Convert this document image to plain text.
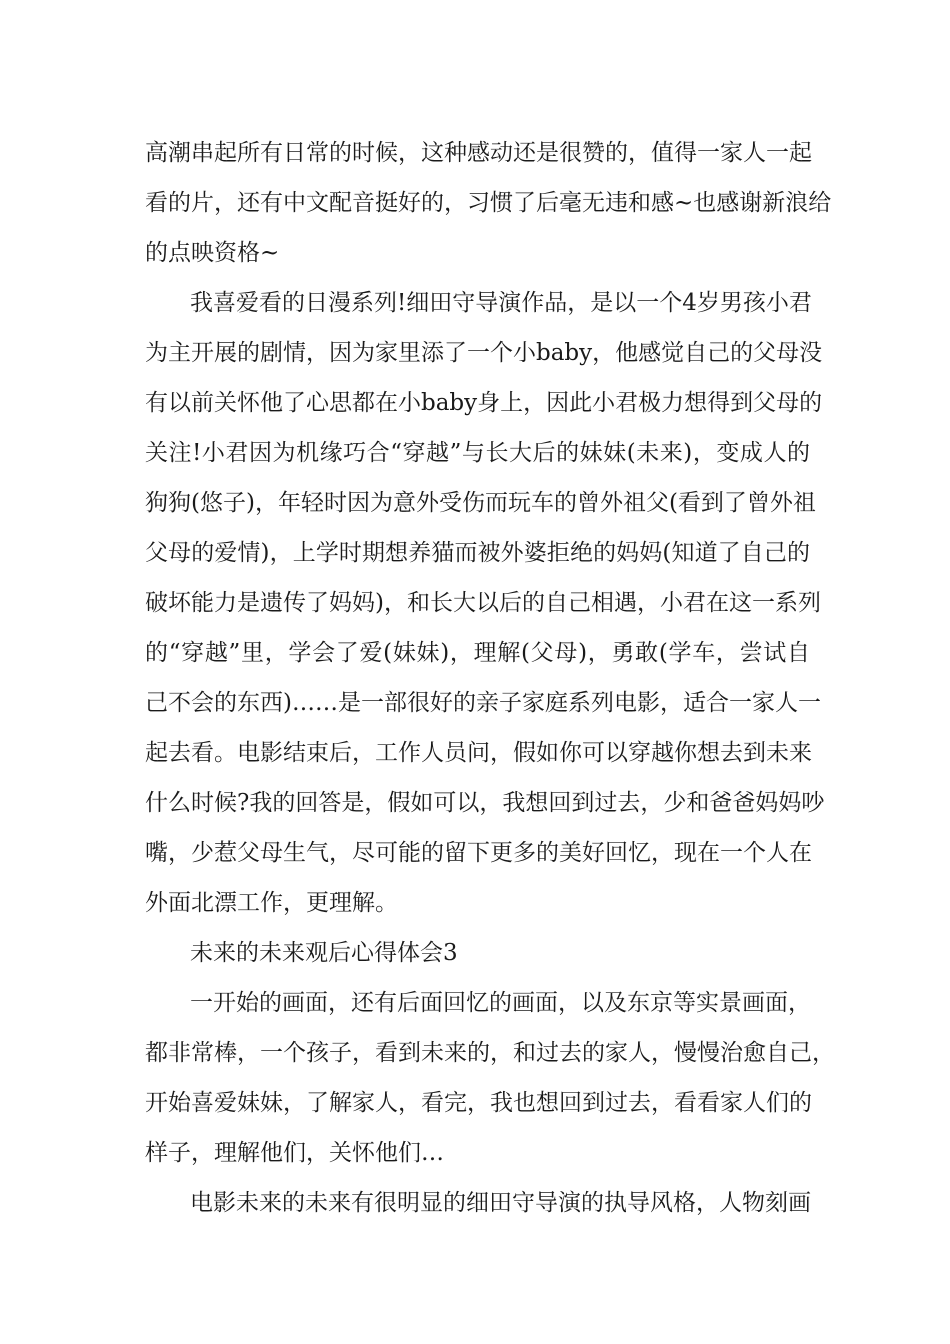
高潮串起所有日常的时候，这种感动还是很赞的，值得一家人一起
看的片，还有中文配音挺好的，习惯了后毫无违和感~也感谢新浪给
的点映资格~
我喜爱看的日漫系列!细田守导演作品，是以一个4岁男孩小君
为主开展的剧情，因为家里添了一个小baby，他感觉自己的父母没
有以前关怀他了心思都在小baby身上，因此小君极力想得到父母的
关注!小君因为机缘巧合“穿越”与长大后的妹妹(未来)，变成人的
狗狗(悠子)，年轻时因为意外受伤而玩车的曾外祖父(看到了曾外祖
父母的爱情)，上学时期想养猫而被外婆拒绝的妈妈(知道了自己的
破坏能力是遗传了妈妈)，和长大以后的自己相遇，小君在这一系列
的“穿越”里，学会了爱(妹妹)，理解(父母)，勇敢(学车，尝试自
己不会的东西)……是一部很好的亲子家庭系列电影，适合一家人一
起去看。电影结束后，工作人员问，假如你可以穿越你想去到未来
什么时候?我的回答是，假如可以，我想回到过去，少和爸爸妈妈吵
嘴，少惹父母生气，尽可能的留下更多的美好回忆，现在一个人在
外面北漂工作，更理解。
未来的未来观后心得体会3
一开始的画面，还有后面回忆的画面，以及东京等实景画面，
都非常棒，一个孩子，看到未来的，和过去的家人，慢慢治愈自己，
开始喜爱妹妹，了解家人，看完，我也想回到过去，看看家人们的
样子，理解他们，关怀他们…
电影未来的未来有很明显的细田守导演的执导风格，人物刻画
